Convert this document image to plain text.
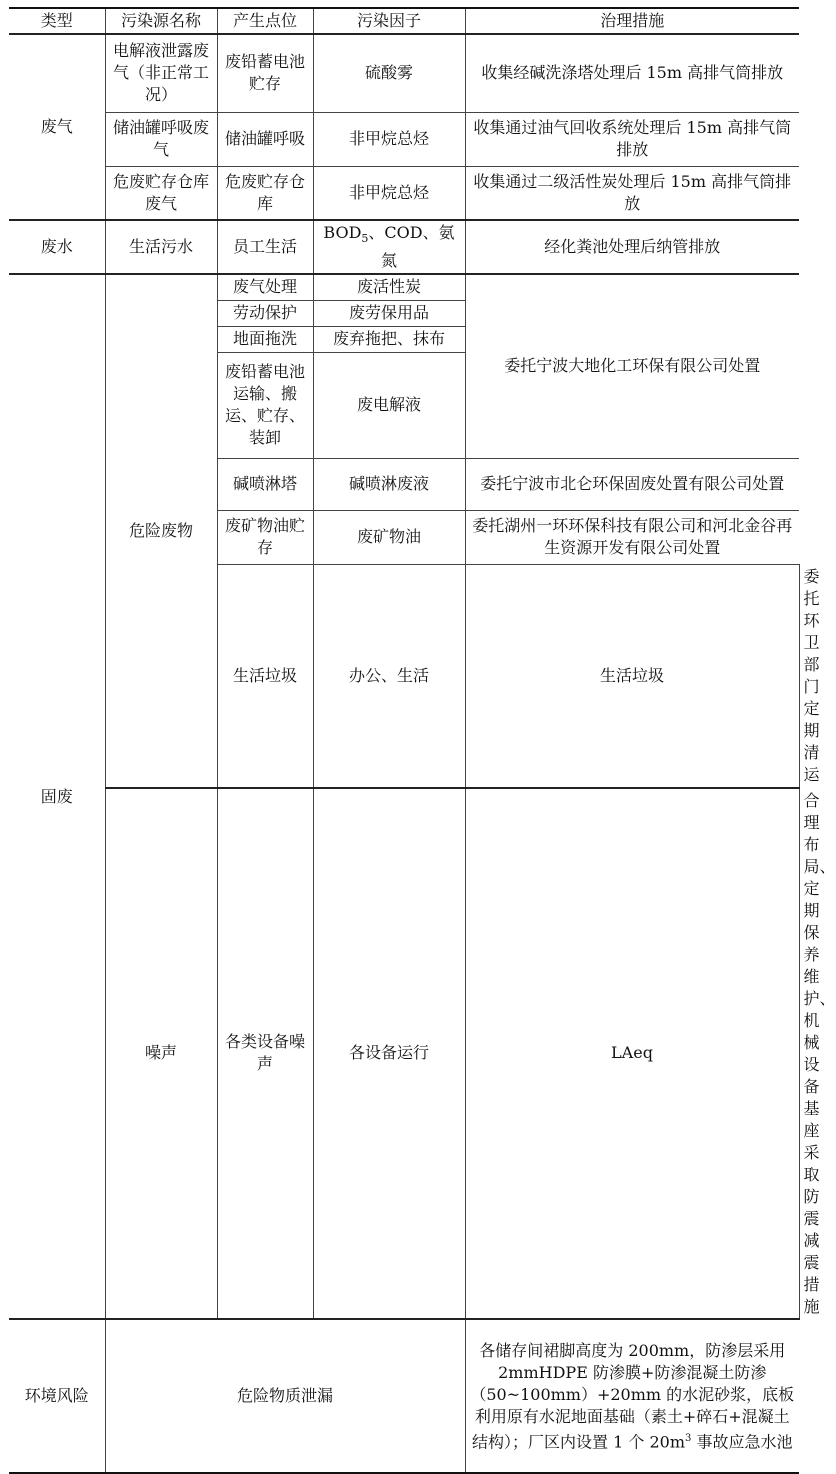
类型	污染源名称	产生点位	污染因子	治理措施	
废气	电解液泄露废气（非正常工况）	废铅蓄电池贮存	硫酸雾	收集经碱洗涤塔处理后 15m 高排气筒排放	
	储油罐呼吸废气	储油罐呼吸	非甲烷总烃	收集通过油气回收系统处理后 15m 高排气筒排放	
	危废贮存仓库废气	危废贮存仓库	非甲烷总烃	收集通过二级活性炭处理后 15m 高排气筒排放	
废水	生活污水	员工生活	$BOD_5$、COD、氨氮	经化粪池处理后纳管排放	
固废	危险废物	废气处理	废活性炭	委托宁波大地化工环保有限公司处置	
		劳动保护	废劳保用品		
		地面拖洗	废弃拖把、抹布		
		废铅蓄电池运输、搬运、贮存、装卸	废电解液		
		碱喷淋塔	碱喷淋废液	委托宁波市北仑环保固废处置有限公司处置	
		废矿物油贮存	废矿物油	委托湖州一环环保科技有限公司和河北金谷再生资源开发有限公司处置	
		生活垃圾	办公、生活	生活垃圾	委托环卫部门定期清运
	噪声	各类设备噪声	各设备运行	LAeq	合理布局、定期保养维护、机械设备基座采取防震减震措施
环境风险	危险物质泄漏			各储存间裙脚高度为 200mm，防渗层采用 2mmHDPE 防渗膜+防渗混凝土防渗（50~100mm）+20mm 的水泥砂浆，底板利用原有水泥地面基础（素土+碎石+混凝土结构）；厂区内设置 1 个 $20m^3$ 事故应急水池	
